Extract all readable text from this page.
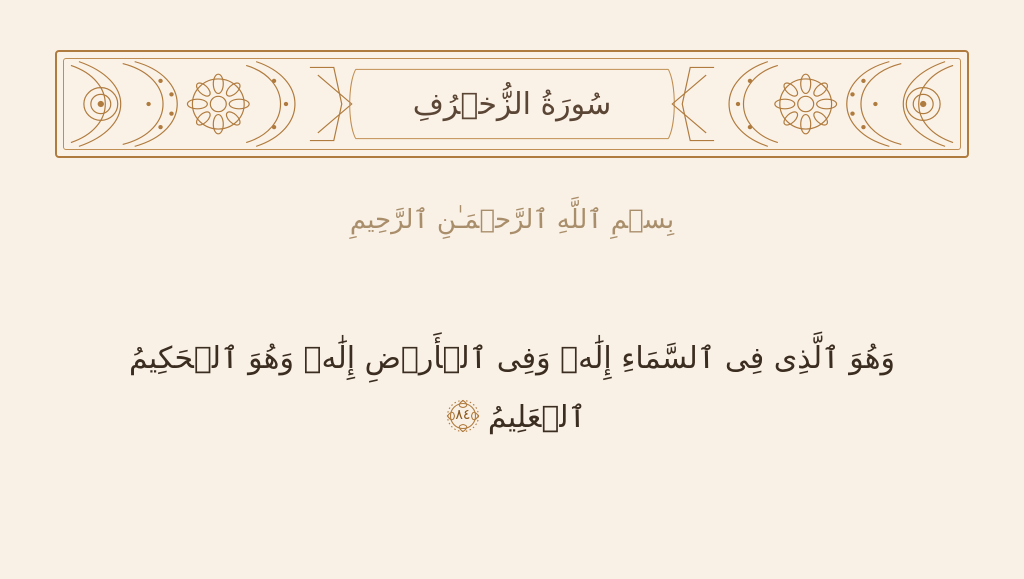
سُورَةُ الزُّخۡرُفِ
بِسۡمِ ٱللَّهِ ٱلرَّحۡمَـٰنِ ٱلرَّحِيمِ
وَهُوَ ٱلَّذِی فِی ٱلسَّمَاءِ إِلَٰهࣱ وَفِی ٱلۡأَرۡضِ إِلَٰهࣱ وَهُوَ ٱلۡحَكِيمُ ٱلۡعَلِيمُ
٨٤
